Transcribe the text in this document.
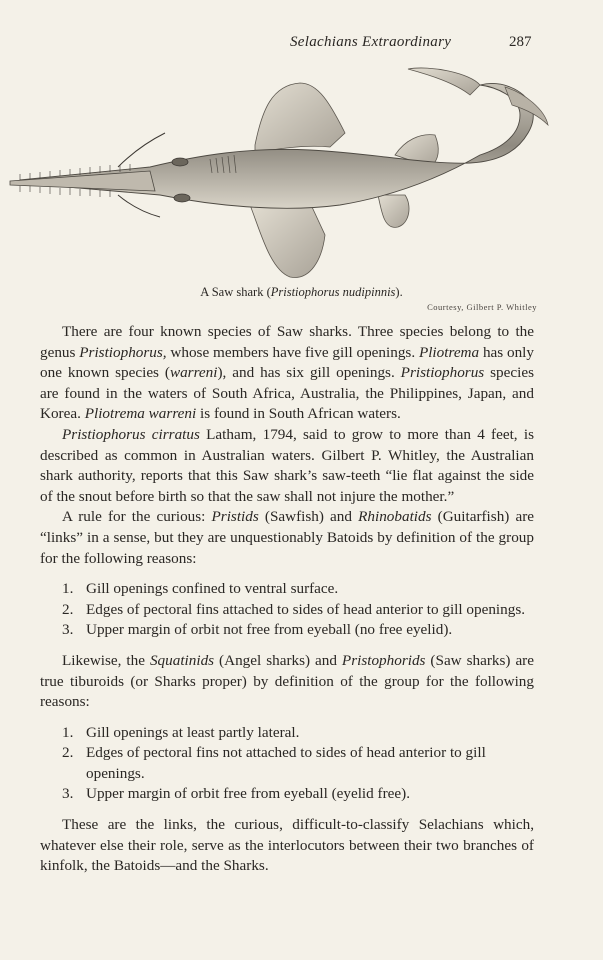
Selachians Extraordinary	287
A Saw shark (Pristiophorus nudipinnis).
Courtesy, Gilbert P. Whitley

There are four known species of Saw sharks. Three species belong to the genus Pristiophorus, whose members have five gill openings. Pliotrema has only one known species (warreni), and has six gill openings. Pristiophorus species are found in the waters of South Africa, Australia, the Philippines, Japan, and Korea. Pliotrema warreni is found in South African waters.

Pristiophorus cirratus Latham, 1794, said to grow to more than 4 feet, is described as common in Australian waters. Gilbert P. Whitley, the Australian shark authority, reports that this Saw shark’s saw-teeth “lie flat against the side of the snout before birth so that the saw shall not injure the mother.”

A rule for the curious: Pristids (Sawfish) and Rhinobatids (Guitarfish) are “links” in a sense, but they are unquestionably Batoids by definition of the group for the following reasons:

1. Gill openings confined to ventral surface.
2. Edges of pectoral fins attached to sides of head anterior to gill openings.
3. Upper margin of orbit not free from eyeball (no free eyelid).

Likewise, the Squatinids (Angel sharks) and Pristophorids (Saw sharks) are true tiburoids (or Sharks proper) by definition of the group for the following reasons:

1. Gill openings at least partly lateral.
2. Edges of pectoral fins not attached to sides of head anterior to gill openings.
3. Upper margin of orbit free from eyeball (eyelid free).

These are the links, the curious, difficult-to-classify Selachians which, whatever else their role, serve as the interlocutors between their two branches of kinfolk, the Batoids—and the Sharks.
